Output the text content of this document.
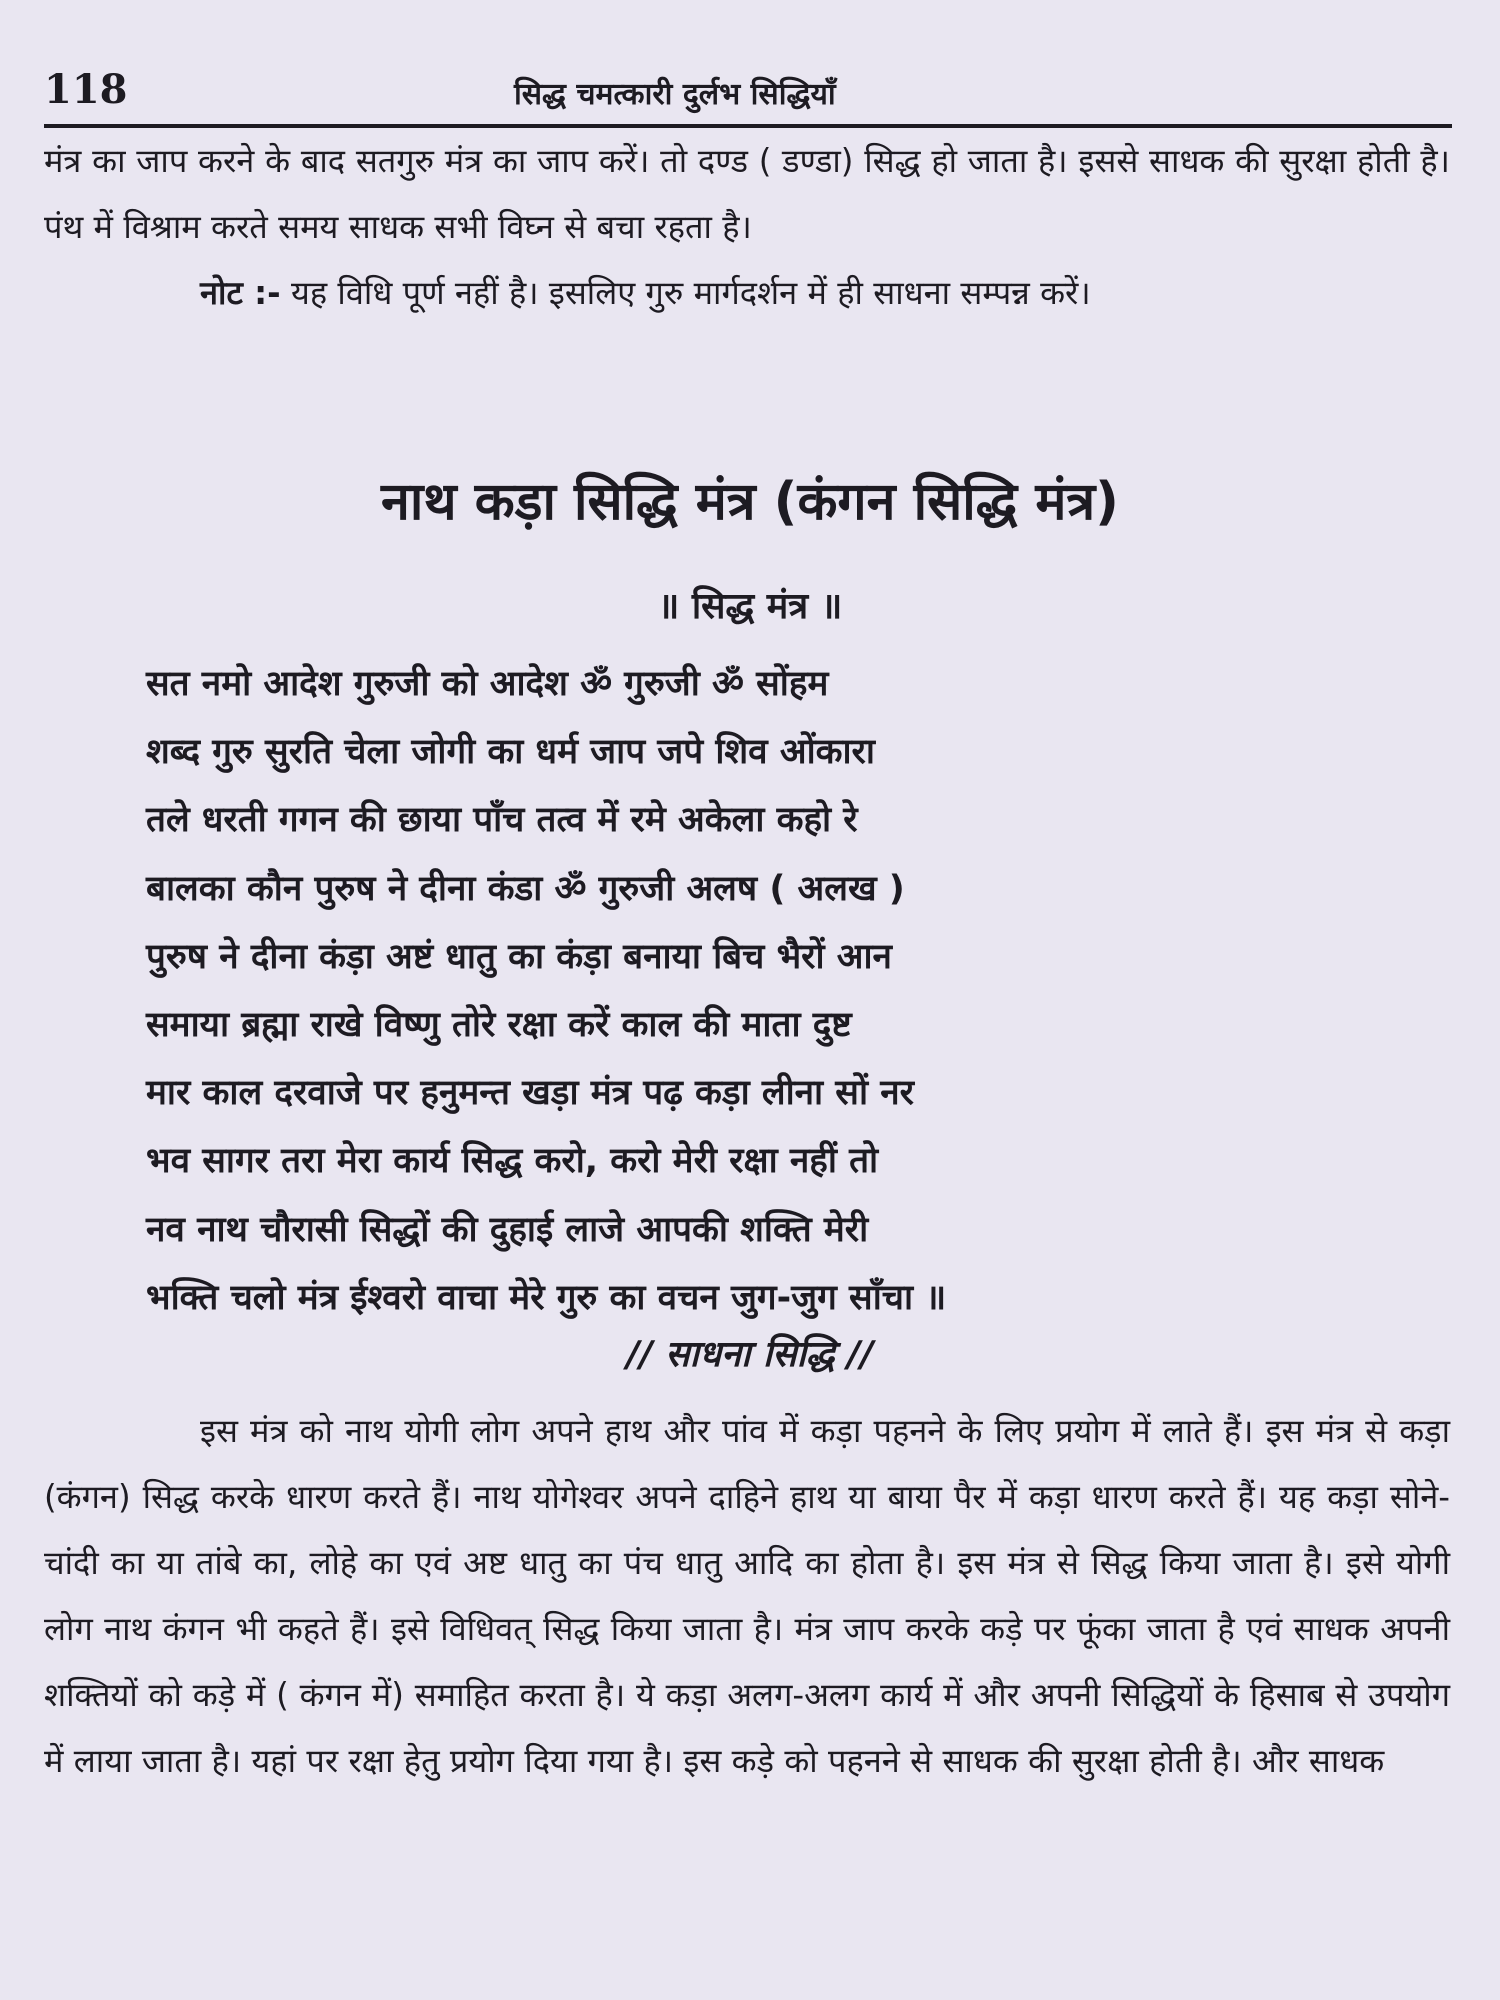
118	सिद्ध चमत्कारी दुर्लभ सिद्धियाँ

मंत्र का जाप करने के बाद सतगुरु मंत्र का जाप करें। तो दण्ड ( डण्डा) सिद्ध हो जाता है। इससे साधक की सुरक्षा होती है। पंथ में विश्राम करते समय साधक सभी विघ्न से बचा रहता है।

नोट :- यह विधि पूर्ण नहीं है। इसलिए गुरु मार्गदर्शन में ही साधना सम्पन्न करें।

नाथ कड़ा सिद्धि मंत्र (कंगन सिद्धि मंत्र)
॥ सिद्ध मंत्र ॥
सत नमो आदेश गुरुजी को आदेश ॐ गुरुजी ॐ सोंहम
शब्द गुरु सुरति चेला जोगी का धर्म जाप जपे शिव ओंकारा
तले धरती गगन की छाया पाँच तत्व में रमे अकेला कहो रे
बालका कौन पुरुष ने दीना कंडा ॐ गुरुजी अलष ( अलख )
पुरुष ने दीना कंड़ा अष्टं धातु का कंड़ा बनाया बिच भैरों आन
समाया ब्रह्मा राखे विष्णु तोरे रक्षा करें काल की माता दुष्ट
मार काल दरवाजे पर हनुमन्त खड़ा मंत्र पढ़ कड़ा लीना सों नर
भव सागर तरा मेरा कार्य सिद्ध करो, करो मेरी रक्षा नहीं तो
नव नाथ चौरासी सिद्धों की दुहाई लाजे आपकी शक्ति मेरी
भक्ति चलो मंत्र ईश्वरो वाचा मेरे गुरु का वचन जुग-जुग साँचा ॥
// साधना सिद्धि //

इस मंत्र को नाथ योगी लोग अपने हाथ और पांव में कड़ा पहनने के लिए प्रयोग में लाते हैं। इस मंत्र से कड़ा (कंगन) सिद्ध करके धारण करते हैं। नाथ योगेश्वर अपने दाहिने हाथ या बाया पैर में कड़ा धारण करते हैं। यह कड़ा सोने-चांदी का या तांबे का, लोहे का एवं अष्ट धातु का पंच धातु आदि का होता है। इस मंत्र से सिद्ध किया जाता है। इसे योगी लोग नाथ कंगन भी कहते हैं। इसे विधिवत् सिद्ध किया जाता है। मंत्र जाप करके कड़े पर फूंका जाता है एवं साधक अपनी शक्तियों को कड़े में ( कंगन में) समाहित करता है। ये कड़ा अलग-अलग कार्य में और अपनी सिद्धियों के हिसाब से उपयोग में लाया जाता है। यहां पर रक्षा हेतु प्रयोग दिया गया है। इस कड़े को पहनने से साधक की सुरक्षा होती है। और साधक
